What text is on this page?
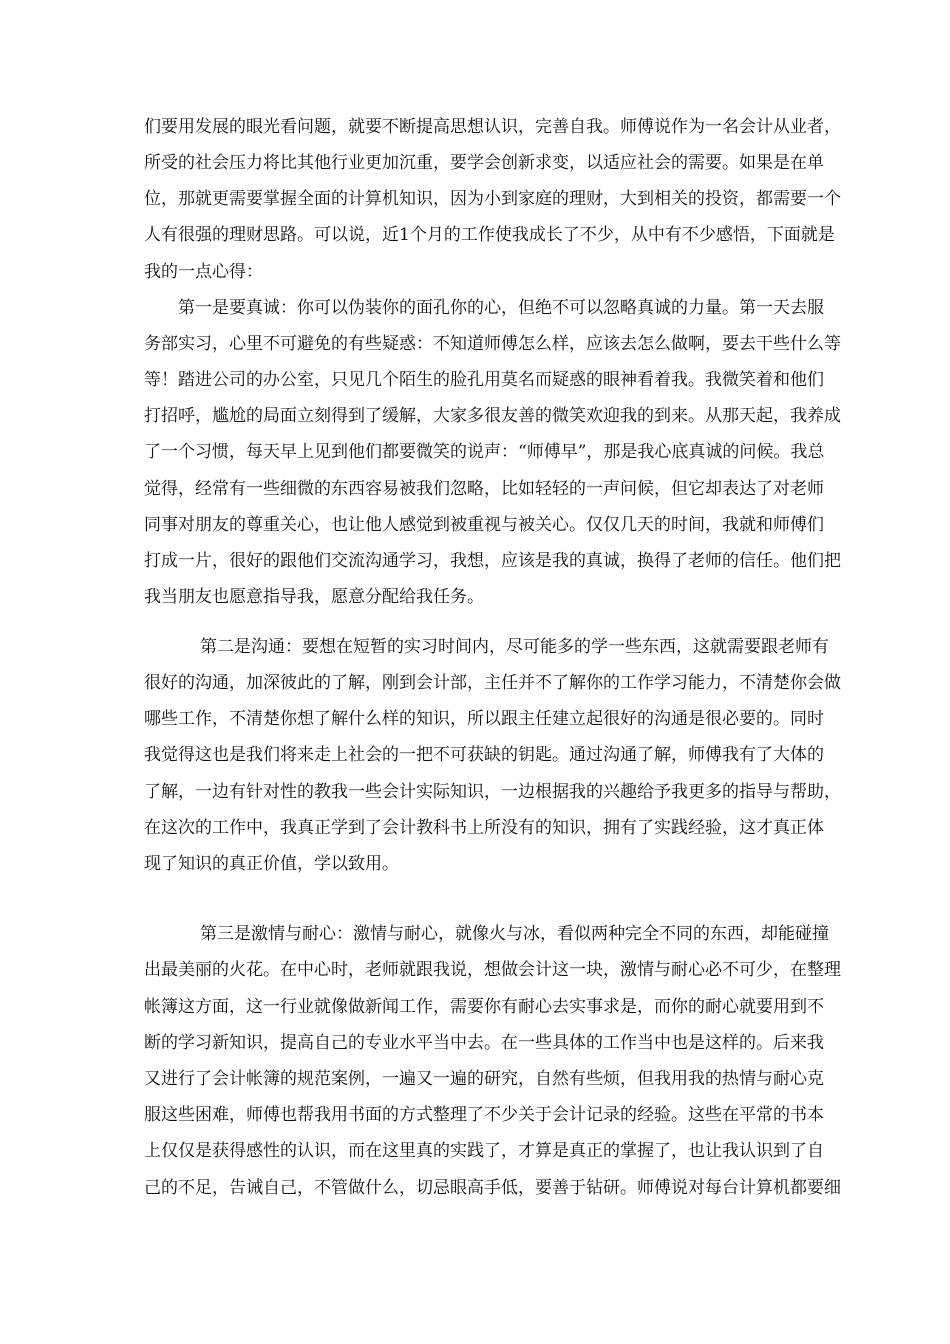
们要用发展的眼光看问题，就要不断提高思想认识，完善自我。师傅说作为一名会计从业者，
所受的社会压力将比其他行业更加沉重，要学会创新求变，以适应社会的需要。如果是在单
位，那就更需要掌握全面的计算机知识，因为小到家庭的理财，大到相关的投资，都需要一个
人有很强的理财思路。可以说，近1个月的工作使我成长了不少，从中有不少感悟，下面就是
我的一点心得：
第一是要真诚：你可以伪装你的面孔你的心，但绝不可以忽略真诚的力量。第一天去服
务部实习，心里不可避免的有些疑惑：不知道师傅怎么样，应该去怎么做啊，要去干些什么等
等！踏进公司的办公室，只见几个陌生的脸孔用莫名而疑惑的眼神看着我。我微笑着和他们
打招呼，尴尬的局面立刻得到了缓解，大家多很友善的微笑欢迎我的到来。从那天起，我养成
了一个习惯，每天早上见到他们都要微笑的说声：“师傅早”，那是我心底真诚的问候。我总
觉得，经常有一些细微的东西容易被我们忽略，比如轻轻的一声问候，但它却表达了对老师
同事对朋友的尊重关心，也让他人感觉到被重视与被关心。仅仅几天的时间，我就和师傅们
打成一片，很好的跟他们交流沟通学习，我想，应该是我的真诚，换得了老师的信任。他们把
我当朋友也愿意指导我，愿意分配给我任务。
第二是沟通：要想在短暂的实习时间内，尽可能多的学一些东西，这就需要跟老师有
很好的沟通，加深彼此的了解，刚到会计部，主任并不了解你的工作学习能力，不清楚你会做
哪些工作，不清楚你想了解什么样的知识，所以跟主任建立起很好的沟通是很必要的。同时
我觉得这也是我们将来走上社会的一把不可获缺的钥匙。通过沟通了解，师傅我有了大体的
了解，一边有针对性的教我一些会计实际知识，一边根据我的兴趣给予我更多的指导与帮助，
在这次的工作中，我真正学到了会计教科书上所没有的知识，拥有了实践经验，这才真正体
现了知识的真正价值，学以致用。
第三是激情与耐心：激情与耐心，就像火与冰，看似两种完全不同的东西，却能碰撞
出最美丽的火花。在中心时，老师就跟我说，想做会计这一块，激情与耐心必不可少，在整理
帐簿这方面，这一行业就像做新闻工作，需要你有耐心去实事求是，而你的耐心就要用到不
断的学习新知识，提高自己的专业水平当中去。在一些具体的工作当中也是这样的。后来我
又进行了会计帐簿的规范案例，一遍又一遍的研究，自然有些烦，但我用我的热情与耐心克
服这些困难，师傅也帮我用书面的方式整理了不少关于会计记录的经验。这些在平常的书本
上仅仅是获得感性的认识，而在这里真的实践了，才算是真正的掌握了，也让我认识到了自
己的不足，告诫自己，不管做什么，切忌眼高手低，要善于钻研。师傅说对每台计算机都要细
